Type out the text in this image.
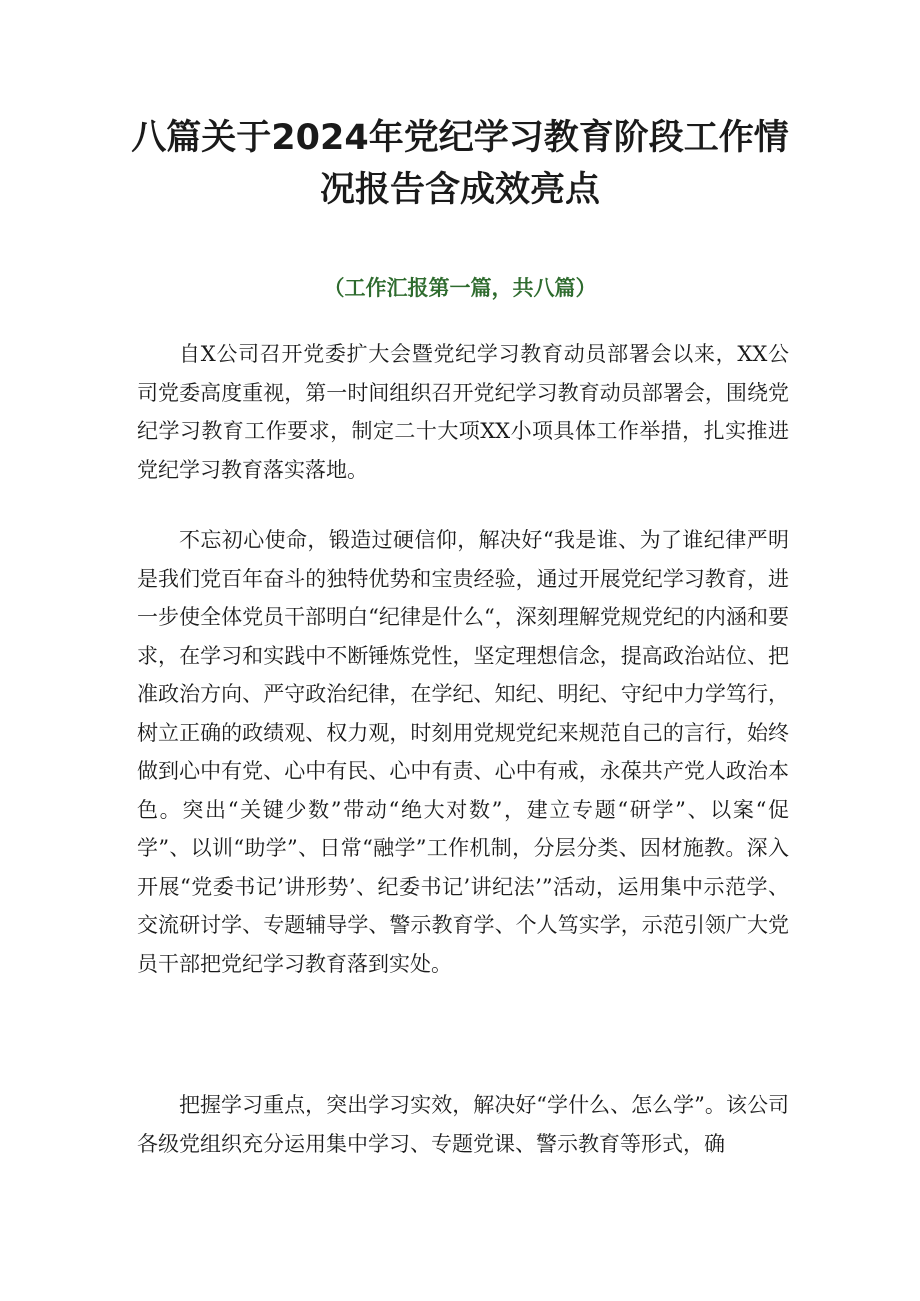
八篇关于2024年党纪学习教育阶段工作情
况报告含成效亮点
（工作汇报第一篇，共八篇）

自X公司召开党委扩大会暨党纪学习教育动员部署会以来，XX公司党委高度重视，第一时间组织召开党纪学习教育动员部署会，围绕党纪学习教育工作要求，制定二十大项XX小项具体工作举措，扎实推进党纪学习教育落实落地。

不忘初心使命，锻造过硬信仰，解决好“我是谁、为了谁纪律严明是我们党百年奋斗的独特优势和宝贵经验，通过开展党纪学习教育，进一步使全体党员干部明白“纪律是什么“，深刻理解党规党纪的内涵和要求，在学习和实践中不断锤炼党性，坚定理想信念，提高政治站位、把准政治方向、严守政治纪律，在学纪、知纪、明纪、守纪中力学笃行，树立正确的政绩观、权力观，时刻用党规党纪来规范自己的言行，始终做到心中有党、心中有民、心中有责、心中有戒，永葆共产党人政治本色。突出“关键少数”带动“绝大对数”，建立专题“研学”、以案“促学”、以训“助学”、日常“融学”工作机制，分层分类、因材施教。深入开展“党委书记’讲形势’、纪委书记’讲纪法’”活动，运用集中示范学、交流研讨学、专题辅导学、警示教育学、个人笃实学，示范引领广大党员干部把党纪学习教育落到实处。

把握学习重点，突出学习实效，解决好“学什么、怎么学”。该公司各级党组织充分运用集中学习、专题党课、警示教育等形式，确
